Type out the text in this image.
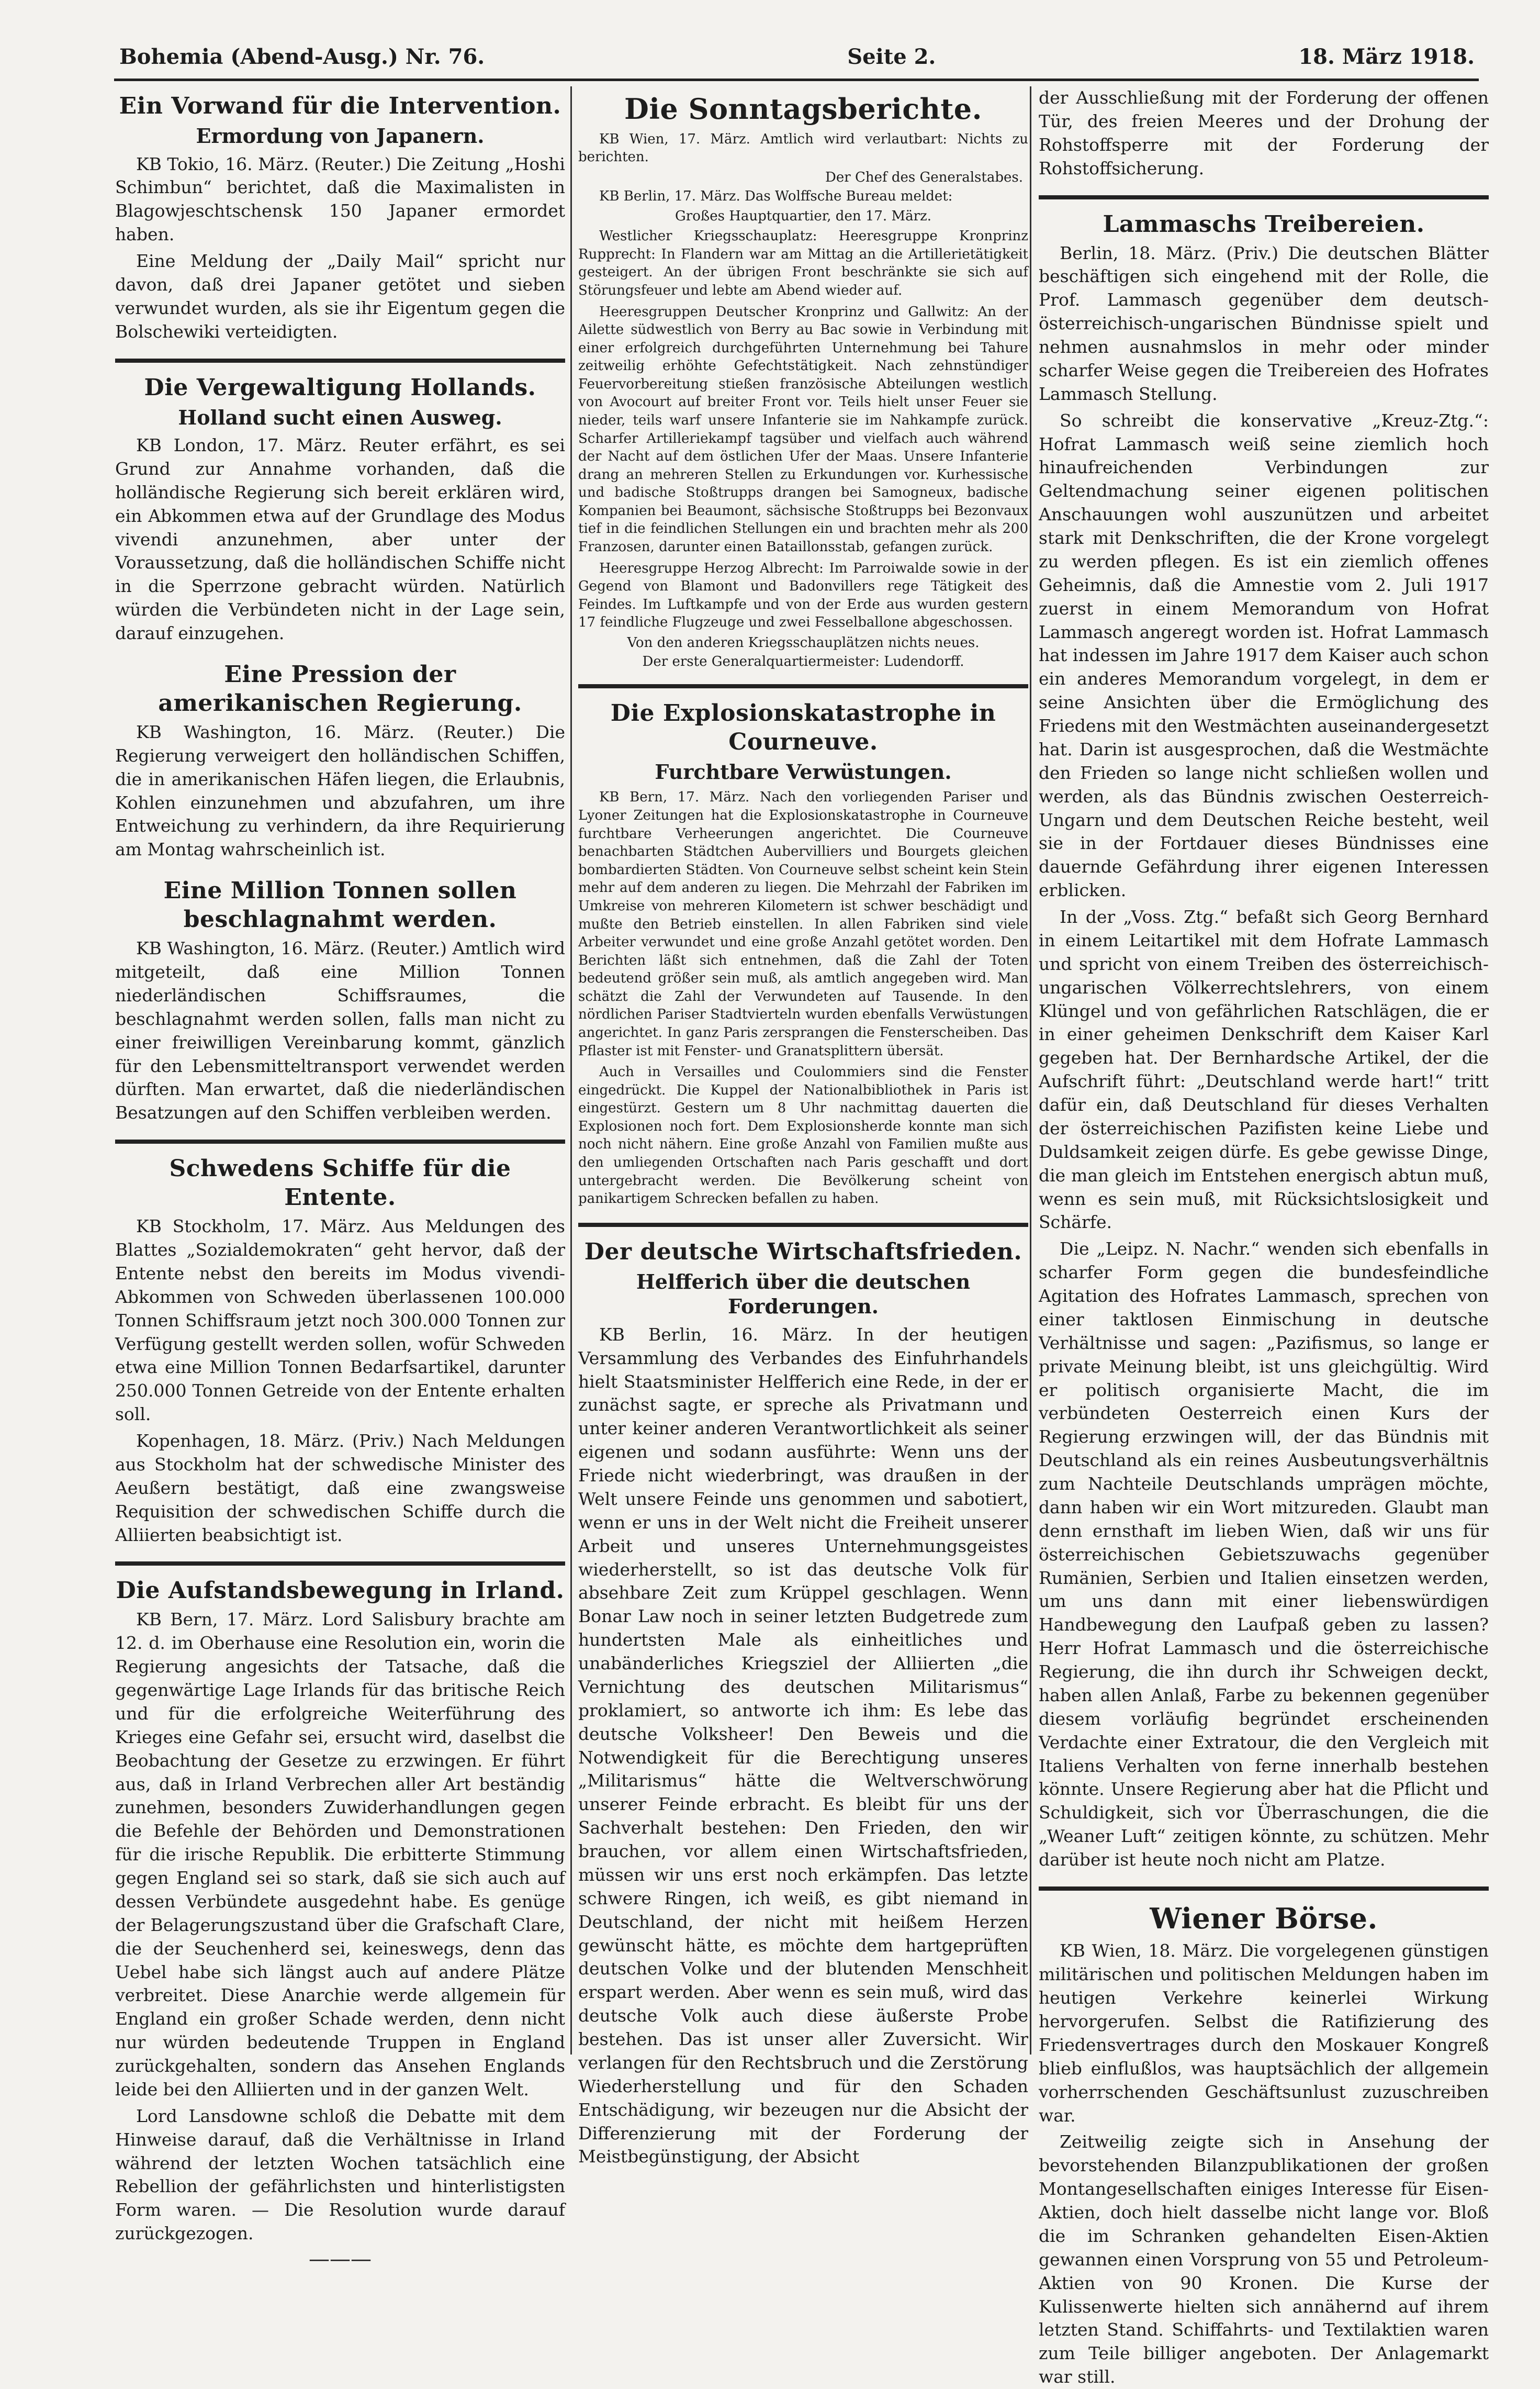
Bohemia (Abend-Ausg.) Nr. 76.	Seite 2.	18. März 1918.
Ein Vorwand für die Intervention.
Ermordung von Japanern.

KB Tokio, 16. März. (Reuter.) Die Zeitung „Hoshi Schimbun“ berichtet, daß die Maximalisten in Blagowjeschtschensk 150 Japaner ermordet haben.

Eine Meldung der „Daily Mail“ spricht nur davon, daß drei Japaner getötet und sieben verwundet wurden, als sie ihr Eigentum gegen die Bolschewiki verteidigten.

Die Vergewaltigung Hollands.
Holland sucht einen Ausweg.

KB London, 17. März. Reuter erfährt, es sei Grund zur Annahme vorhanden, daß die holländische Regierung sich bereit erklären wird, ein Abkommen etwa auf der Grundlage des Modus vivendi anzunehmen, aber unter der Voraussetzung, daß die holländischen Schiffe nicht in die Sperrzone gebracht würden. Natürlich würden die Verbündeten nicht in der Lage sein, darauf einzugehen.

Eine Pression der amerikanischen Regierung.

KB Washington, 16. März. (Reuter.) Die Regierung verweigert den holländischen Schiffen, die in amerikanischen Häfen liegen, die Erlaubnis, Kohlen einzunehmen und abzufahren, um ihre Entweichung zu verhindern, da ihre Requirierung am Montag wahrscheinlich ist.

Eine Million Tonnen sollen beschlagnahmt werden.

KB Washington, 16. März. (Reuter.) Amtlich wird mitgeteilt, daß eine Million Tonnen niederländischen Schiffsraumes, die beschlagnahmt werden sollen, falls man nicht zu einer freiwilligen Vereinbarung kommt, gänzlich für den Lebensmitteltransport verwendet werden dürften. Man erwartet, daß die niederländischen Besatzungen auf den Schiffen verbleiben werden.

Schwedens Schiffe für die Entente.

KB Stockholm, 17. März. Aus Meldungen des Blattes „Sozialdemokraten“ geht hervor, daß der Entente nebst den bereits im Modus vivendi-Abkommen von Schweden überlassenen 100.000 Tonnen Schiffsraum jetzt noch 300.000 Tonnen zur Verfügung gestellt werden sollen, wofür Schweden etwa eine Million Tonnen Bedarfsartikel, darunter 250.000 Tonnen Getreide von der Entente erhalten soll.

Kopenhagen, 18. März. (Priv.) Nach Meldungen aus Stockholm hat der schwedische Minister des Aeußern bestätigt, daß eine zwangsweise Requisition der schwedischen Schiffe durch die Alliierten beabsichtigt ist.

Die Aufstandsbewegung in Irland.

KB Bern, 17. März. Lord Salisbury brachte am 12. d. im Oberhause eine Resolution ein, worin die Regierung angesichts der Tatsache, daß die gegenwärtige Lage Irlands für das britische Reich und für die erfolgreiche Weiterführung des Krieges eine Gefahr sei, ersucht wird, daselbst die Beobachtung der Gesetze zu erzwingen. Er führt aus, daß in Irland Verbrechen aller Art beständig zunehmen, besonders Zuwiderhandlungen gegen die Befehle der Behörden und Demonstrationen für die irische Republik. Die erbitterte Stimmung gegen England sei so stark, daß sie sich auch auf dessen Verbündete ausgedehnt habe. Es genüge der Belagerungszustand über die Grafschaft Clare, die der Seuchenherd sei, keineswegs, denn das Uebel habe sich längst auch auf andere Plätze verbreitet. Diese Anarchie werde allgemein für England ein großer Schade werden, denn nicht nur würden bedeutende Truppen in England zurückgehalten, sondern das Ansehen Englands leide bei den Alliierten und in der ganzen Welt.

Lord Lansdowne schloß die Debatte mit dem Hinweise darauf, daß die Verhältnisse in Irland während der letzten Wochen tatsächlich eine Rebellion der gefährlichsten und hinterlistigsten Form waren. — Die Resolution wurde darauf zurückgezogen.

———
Die Sonntagsberichte.

KB Wien, 17. März. Amtlich wird verlautbart: Nichts zu berichten.

Der Chef des Generalstabes.

KB Berlin, 17. März. Das Wolffsche Bureau meldet:

Großes Hauptquartier, den 17. März.

Westlicher Kriegsschauplatz: Heeresgruppe Kronprinz Rupprecht: In Flandern war am Mittag an die Artillerietätigkeit gesteigert. An der übrigen Front beschränkte sie sich auf Störungsfeuer und lebte am Abend wieder auf.

Heeresgruppen Deutscher Kronprinz und Gallwitz: An der Ailette südwestlich von Berry au Bac sowie in Verbindung mit einer erfolgreich durchgeführten Unternehmung bei Tahure zeitweilig erhöhte Gefechtstätigkeit. Nach zehnstündiger Feuervorbereitung stießen französische Abteilungen westlich von Avocourt auf breiter Front vor. Teils hielt unser Feuer sie nieder, teils warf unsere Infanterie sie im Nahkampfe zurück. Scharfer Artilleriekampf tagsüber und vielfach auch während der Nacht auf dem östlichen Ufer der Maas. Unsere Infanterie drang an mehreren Stellen zu Erkundungen vor. Kurhessische und badische Stoßtrupps drangen bei Samogneux, badische Kompanien bei Beaumont, sächsische Stoßtrupps bei Bezonvaux tief in die feindlichen Stellungen ein und brachten mehr als 200 Franzosen, darunter einen Bataillonsstab, gefangen zurück.

Heeresgruppe Herzog Albrecht: Im Parroiwalde sowie in der Gegend von Blamont und Badonvillers rege Tätigkeit des Feindes. Im Luftkampfe und von der Erde aus wurden gestern 17 feindliche Flugzeuge und zwei Fesselballone abgeschossen.

Von den anderen Kriegsschauplätzen nichts neues.
Der erste Generalquartiermeister: Ludendorff.
Die Explosionskatastrophe in Courneuve.
Furchtbare Verwüstungen.

KB Bern, 17. März. Nach den vorliegenden Pariser und Lyoner Zeitungen hat die Explosionskatastrophe in Courneuve furchtbare Verheerungen angerichtet. Die Courneuve benachbarten Städtchen Aubervilliers und Bourgets gleichen bombardierten Städten. Von Courneuve selbst scheint kein Stein mehr auf dem anderen zu liegen. Die Mehrzahl der Fabriken im Umkreise von mehreren Kilometern ist schwer beschädigt und mußte den Betrieb einstellen. In allen Fabriken sind viele Arbeiter verwundet und eine große Anzahl getötet worden. Den Berichten läßt sich entnehmen, daß die Zahl der Toten bedeutend größer sein muß, als amtlich angegeben wird. Man schätzt die Zahl der Verwundeten auf Tausende. In den nördlichen Pariser Stadtvierteln wurden ebenfalls Verwüstungen angerichtet. In ganz Paris zersprangen die Fensterscheiben. Das Pflaster ist mit Fenster- und Granatsplittern übersät.

Auch in Versailles und Coulommiers sind die Fenster eingedrückt. Die Kuppel der Nationalbibliothek in Paris ist eingestürzt. Gestern um 8 Uhr nachmittag dauerten die Explosionen noch fort. Dem Explosionsherde konnte man sich noch nicht nähern. Eine große Anzahl von Familien mußte aus den umliegenden Ortschaften nach Paris geschafft und dort untergebracht werden. Die Bevölkerung scheint von panikartigem Schrecken befallen zu haben.

Der deutsche Wirtschaftsfrieden.
Helfferich über die deutschen Forderungen.

KB Berlin, 16. März. In der heutigen Versammlung des Verbandes des Einfuhrhandels hielt Staatsminister Helfferich eine Rede, in der er zunächst sagte, er spreche als Privatmann und unter keiner anderen Verantwortlichkeit als seiner eigenen und sodann ausführte: Wenn uns der Friede nicht wiederbringt, was draußen in der Welt unsere Feinde uns genommen und sabotiert, wenn er uns in der Welt nicht die Freiheit unserer Arbeit und unseres Unternehmungsgeistes wiederherstellt, so ist das deutsche Volk für absehbare Zeit zum Krüppel geschlagen. Wenn Bonar Law noch in seiner letzten Budgetrede zum hundertsten Male als einheitliches und unabänderliches Kriegsziel der Alliierten „die Vernichtung des deutschen Militarismus“ proklamiert, so antworte ich ihm: Es lebe das deutsche Volksheer! Den Beweis und die Notwendigkeit für die Berechtigung unseres „Militarismus“ hätte die Weltverschwörung unserer Feinde erbracht. Es bleibt für uns der Sachverhalt bestehen: Den Frieden, den wir brauchen, vor allem einen Wirtschaftsfrieden, müssen wir uns erst noch erkämpfen. Das letzte schwere Ringen, ich weiß, es gibt niemand in Deutschland, der nicht mit heißem Herzen gewünscht hätte, es möchte dem hartgeprüften deutschen Volke und der blutenden Menschheit erspart werden. Aber wenn es sein muß, wird das deutsche Volk auch diese äußerste Probe bestehen. Das ist unser aller Zuversicht. Wir verlangen für den Rechtsbruch und die Zerstörung Wiederherstellung und für den Schaden Entschädigung, wir bezeugen nur die Absicht der Differenzierung mit der Forderung der Meistbegünstigung, der Absicht

der Ausschließung mit der Forderung der offenen Tür, des freien Meeres und der Drohung der Rohstoffsperre mit der Forderung der Rohstoffsicherung.

Lammaschs Treibereien.

Berlin, 18. März. (Priv.) Die deutschen Blätter beschäftigen sich eingehend mit der Rolle, die Prof. Lammasch gegenüber dem deutsch-österreichisch-ungarischen Bündnisse spielt und nehmen ausnahmslos in mehr oder minder scharfer Weise gegen die Treibereien des Hofrates Lammasch Stellung.

So schreibt die konservative „Kreuz-Ztg.“: Hofrat Lammasch weiß seine ziemlich hoch hinaufreichenden Verbindungen zur Geltendmachung seiner eigenen politischen Anschauungen wohl auszunützen und arbeitet stark mit Denkschriften, die der Krone vorgelegt zu werden pflegen. Es ist ein ziemlich offenes Geheimnis, daß die Amnestie vom 2. Juli 1917 zuerst in einem Memorandum von Hofrat Lammasch angeregt worden ist. Hofrat Lammasch hat indessen im Jahre 1917 dem Kaiser auch schon ein anderes Memorandum vorgelegt, in dem er seine Ansichten über die Ermöglichung des Friedens mit den Westmächten auseinandergesetzt hat. Darin ist ausgesprochen, daß die Westmächte den Frieden so lange nicht schließen wollen und werden, als das Bündnis zwischen Oesterreich-Ungarn und dem Deutschen Reiche besteht, weil sie in der Fortdauer dieses Bündnisses eine dauernde Gefährdung ihrer eigenen Interessen erblicken.

In der „Voss. Ztg.“ befaßt sich Georg Bernhard in einem Leitartikel mit dem Hofrate Lammasch und spricht von einem Treiben des österreichisch-ungarischen Völkerrechtslehrers, von einem Klüngel und von gefährlichen Ratschlägen, die er in einer geheimen Denkschrift dem Kaiser Karl gegeben hat. Der Bernhardsche Artikel, der die Aufschrift führt: „Deutschland werde hart!“ tritt dafür ein, daß Deutschland für dieses Verhalten der österreichischen Pazifisten keine Liebe und Duldsamkeit zeigen dürfe. Es gebe gewisse Dinge, die man gleich im Entstehen energisch abtun muß, wenn es sein muß, mit Rücksichtslosigkeit und Schärfe.

Die „Leipz. N. Nachr.“ wenden sich ebenfalls in scharfer Form gegen die bundesfeindliche Agitation des Hofrates Lammasch, sprechen von einer taktlosen Einmischung in deutsche Verhältnisse und sagen: „Pazifismus, so lange er private Meinung bleibt, ist uns gleichgültig. Wird er politisch organisierte Macht, die im verbündeten Oesterreich einen Kurs der Regierung erzwingen will, der das Bündnis mit Deutschland als ein reines Ausbeutungsverhältnis zum Nachteile Deutschlands umprägen möchte, dann haben wir ein Wort mitzureden. Glaubt man denn ernsthaft im lieben Wien, daß wir uns für österreichischen Gebietszuwachs gegenüber Rumänien, Serbien und Italien einsetzen werden, um uns dann mit einer liebenswürdigen Handbewegung den Laufpaß geben zu lassen? Herr Hofrat Lammasch und die österreichische Regierung, die ihn durch ihr Schweigen deckt, haben allen Anlaß, Farbe zu bekennen gegenüber diesem vorläufig begründet erscheinenden Verdachte einer Extratour, die den Vergleich mit Italiens Verhalten von ferne innerhalb bestehen könnte. Unsere Regierung aber hat die Pflicht und Schuldigkeit, sich vor Überraschungen, die die „Weaner Luft“ zeitigen könnte, zu schützen. Mehr darüber ist heute noch nicht am Platze.

Wiener Börse.

KB Wien, 18. März. Die vorgelegenen günstigen militärischen und politischen Meldungen haben im heutigen Verkehre keinerlei Wirkung hervorgerufen. Selbst die Ratifizierung des Friedensvertrages durch den Moskauer Kongreß blieb einflußlos, was hauptsächlich der allgemein vorherrschenden Geschäftsunlust zuzuschreiben war.

Zeitweilig zeigte sich in Ansehung der bevorstehenden Bilanzpublikationen der großen Montangesellschaften einiges Interesse für Eisen-Aktien, doch hielt dasselbe nicht lange vor. Bloß die im Schranken gehandelten Eisen-Aktien gewannen einen Vorsprung von 55 und Petroleum-Aktien von 90 Kronen. Die Kurse der Kulissenwerte hielten sich annähernd auf ihrem letzten Stand. Schiffahrts- und Textilaktien waren zum Teile billiger angeboten. Der Anlagemarkt war still.
